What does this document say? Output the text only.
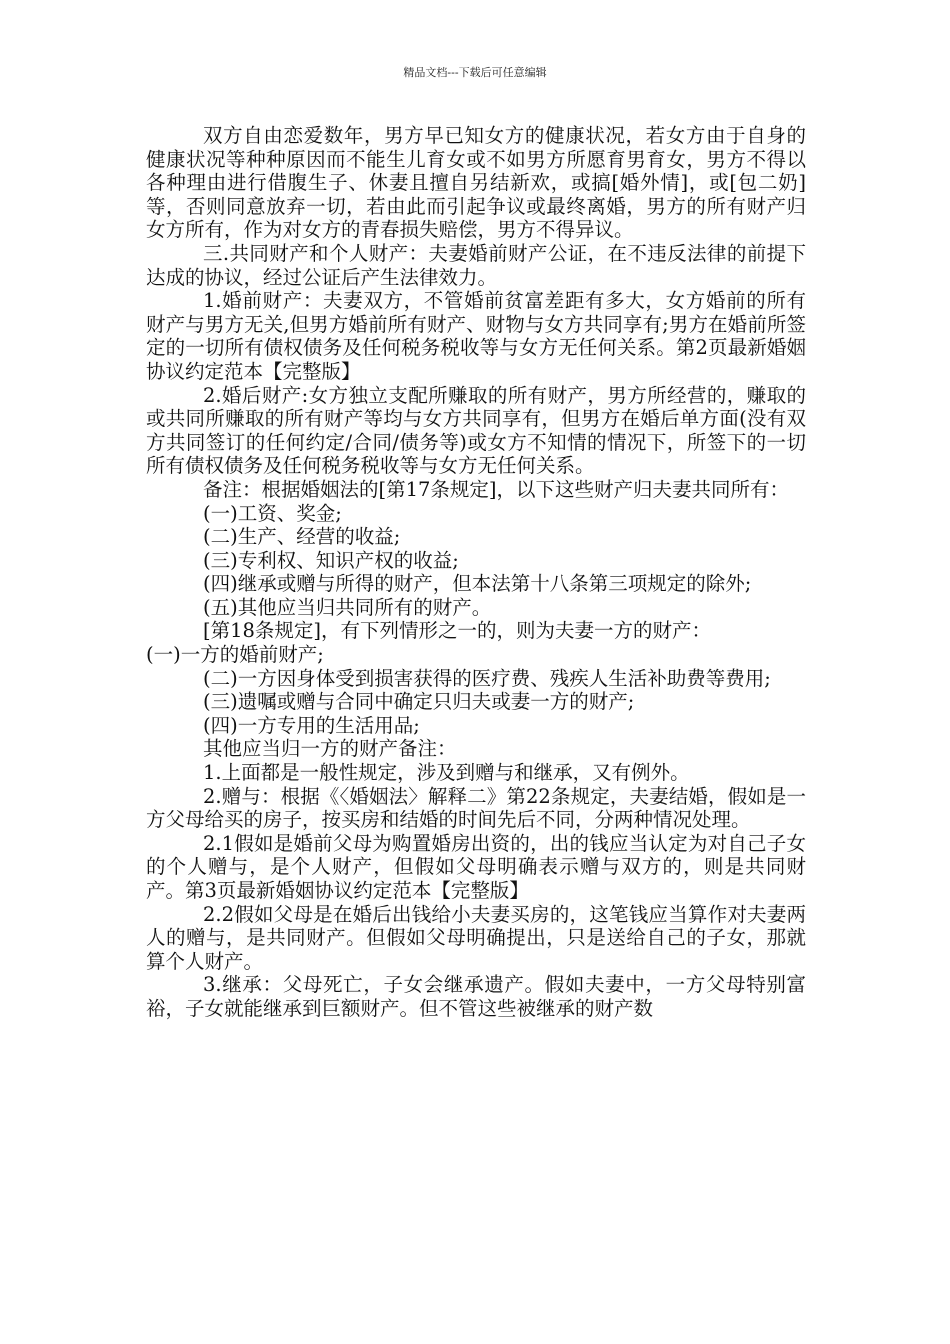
精品文档---下载后可任意编辑

双方自由恋爱数年，男方早已知女方的健康状况，若女方由于自身的健康状况等种种原因而不能生儿育女或不如男方所愿育男育女，男方不得以各种理由进行借腹生子、休妻且擅自另结新欢，或搞[婚外情]，或[包二奶]等，否则同意放弃一切，若由此而引起争议或最终离婚，男方的所有财产归女方所有，作为对女方的青春损失赔偿，男方不得异议。

三.共同财产和个人财产：夫妻婚前财产公证，在不违反法律的前提下达成的协议，经过公证后产生法律效力。

1.婚前财产：夫妻双方，不管婚前贫富差距有多大，女方婚前的所有财产与男方无关,但男方婚前所有财产、财物与女方共同享有;男方在婚前所签定的一切所有债权债务及任何税务税收等与女方无任何关系。第2页最新婚姻协议约定范本【完整版】

2.婚后财产:女方独立支配所赚取的所有财产，男方所经营的，赚取的或共同所赚取的所有财产等均与女方共同享有，但男方在婚后单方面(没有双方共同签订的任何约定/合同/债务等)或女方不知情的情况下，所签下的一切所有债权债务及任何税务税收等与女方无任何关系。

备注：根据婚姻法的[第17条规定]，以下这些财产归夫妻共同所有：

(一)工资、奖金;

(二)生产、经营的收益;

(三)专利权、知识产权的收益;

(四)继承或赠与所得的财产，但本法第十八条第三项规定的除外;

(五)其他应当归共同所有的财产。

[第18条规定]，有下列情形之一的，则为夫妻一方的财产：

(一)一方的婚前财产;

(二)一方因身体受到损害获得的医疗费、残疾人生活补助费等费用;

(三)遗嘱或赠与合同中确定只归夫或妻一方的财产;

(四)一方专用的生活用品;

其他应当归一方的财产备注：

1.上面都是一般性规定，涉及到赠与和继承，又有例外。

2.赠与：根据《〈婚姻法〉解释二》第22条规定，夫妻结婚，假如是一方父母给买的房子，按买房和结婚的时间先后不同，分两种情况处理。

2.1假如是婚前父母为购置婚房出资的，出的钱应当认定为对自己子女的个人赠与，是个人财产，但假如父母明确表示赠与双方的，则是共同财产。第3页最新婚姻协议约定范本【完整版】

2.2假如父母是在婚后出钱给小夫妻买房的，这笔钱应当算作对夫妻两人的赠与，是共同财产。但假如父母明确提出，只是送给自己的子女，那就算个人财产。

3.继承：父母死亡，子女会继承遗产。假如夫妻中，一方父母特别富裕，子女就能继承到巨额财产。但不管这些被继承的财产数
